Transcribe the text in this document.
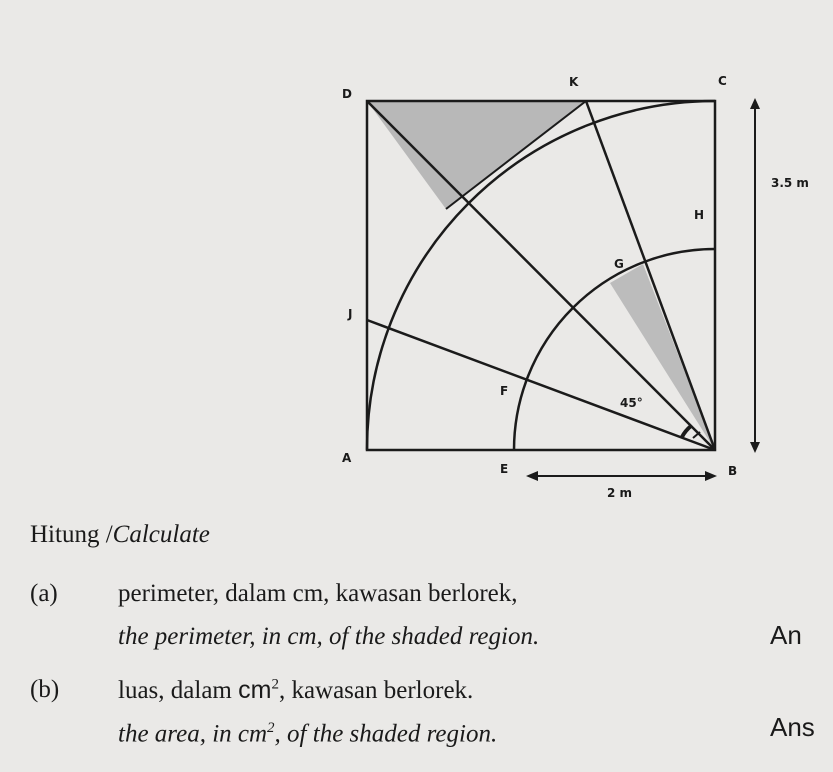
D
K	C
H
G
J
F
A
E	B
3.5 m
2 m
45°
Hitung /Calculate
(a) perimeter, dalam cm, kawasan berlorek,
the perimeter, in cm, of the shaded region.
(b) luas, dalam $cm^2$, kawasan berlorek.
the area, in $cm^2$, of the shaded region.
An
Ans
